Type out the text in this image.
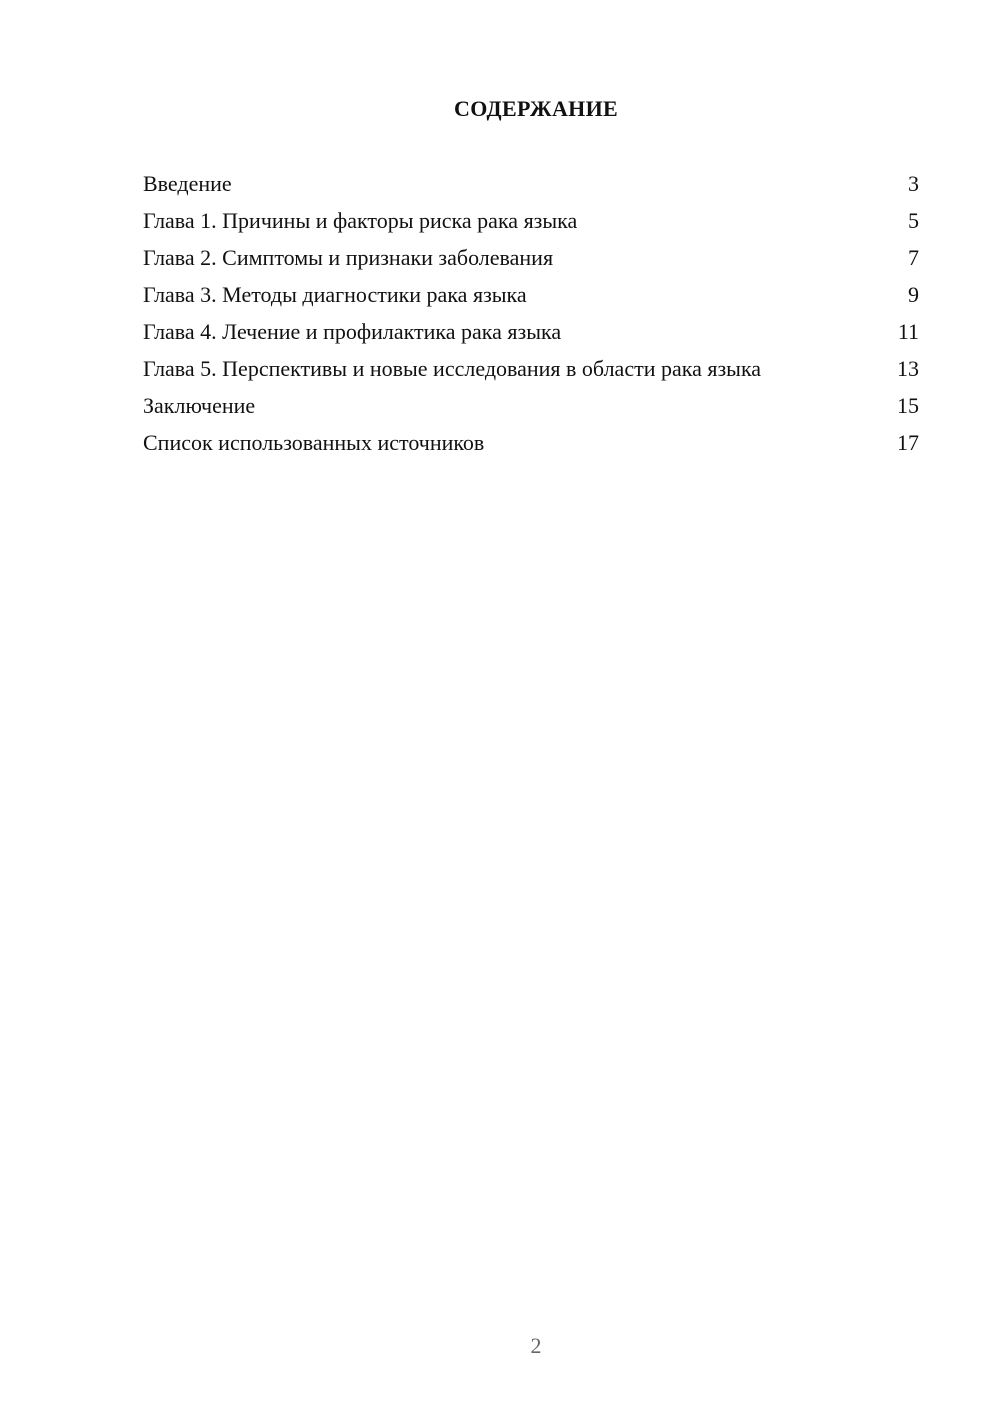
СОДЕРЖАНИЕ
Введение	3
Глава 1. Причины и факторы риска рака языка	5
Глава 2. Симптомы и признаки заболевания	7
Глава 3. Методы диагностики рака языка	9
Глава 4. Лечение и профилактика рака языка	11
Глава 5. Перспективы и новые исследования в области рака языка	13
Заключение	15
Список использованных источников	17
2
